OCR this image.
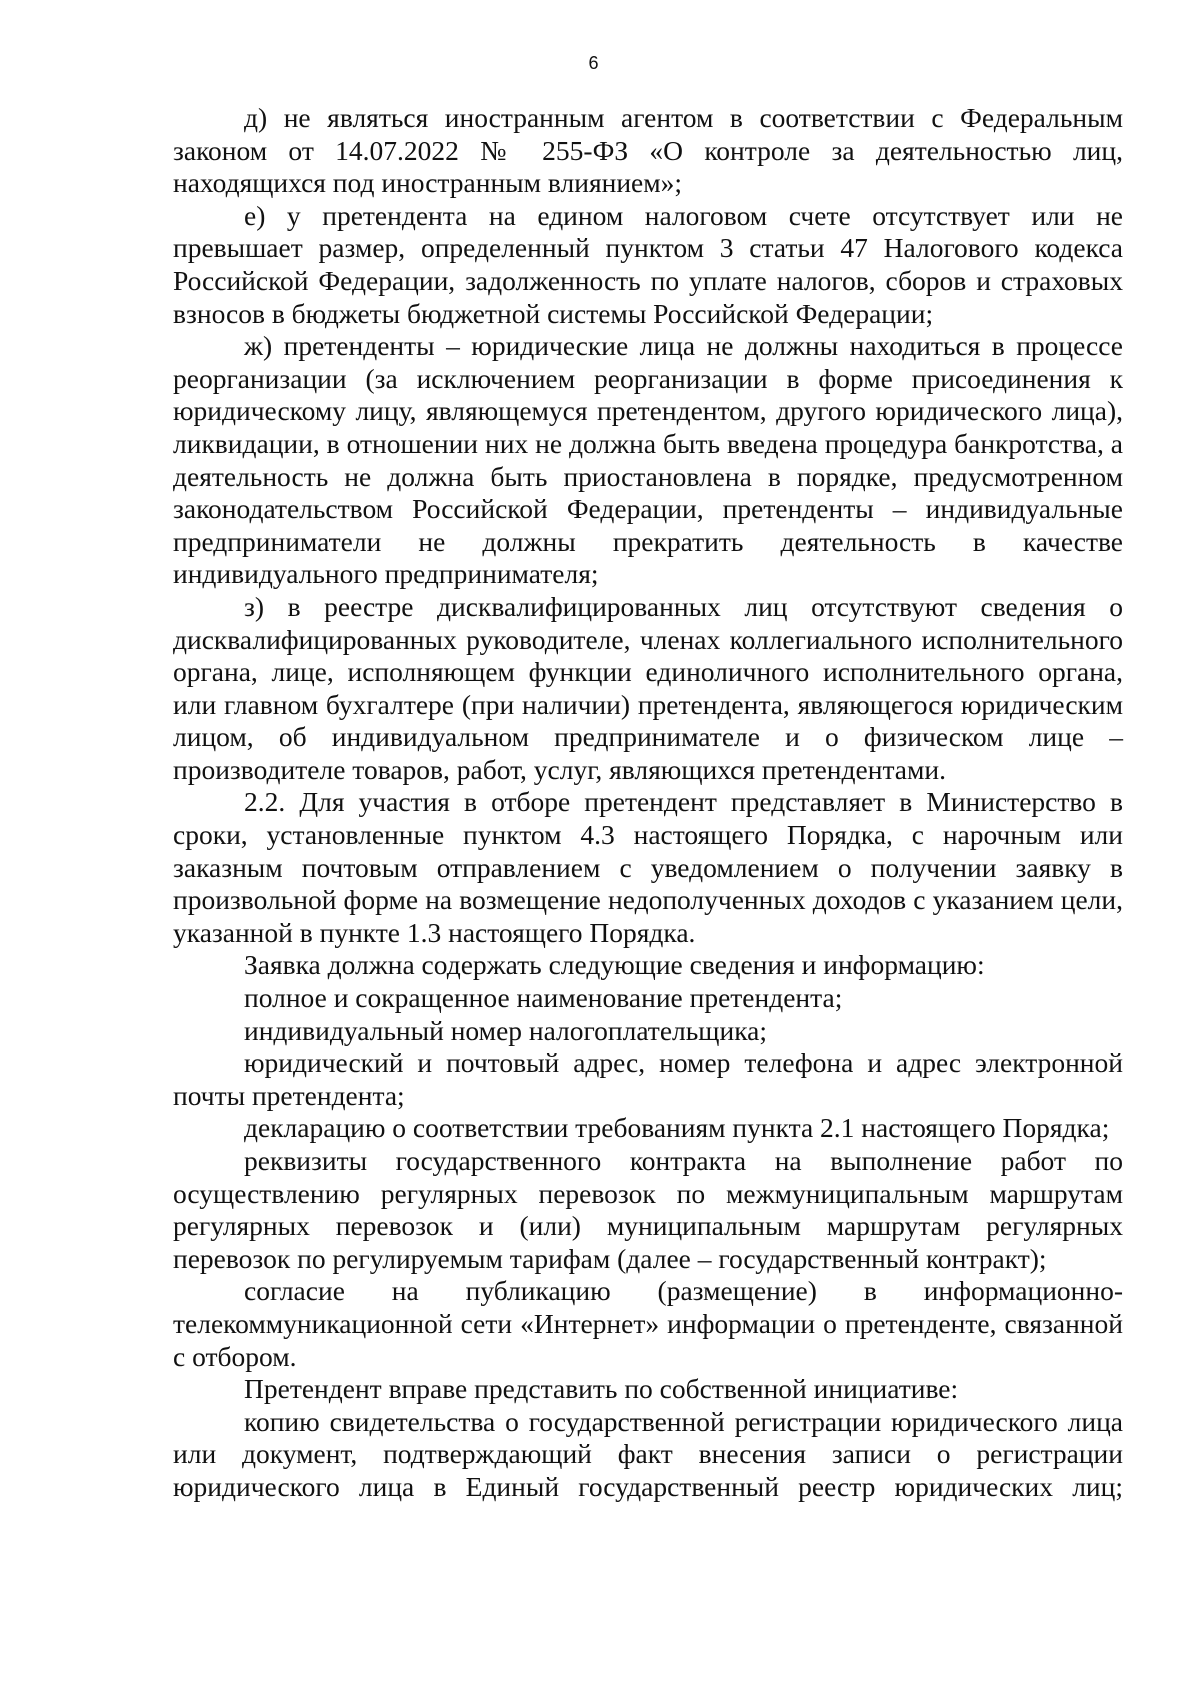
6

д) не являться иностранным агентом в соответствии с Федеральным законом от 14.07.2022 № 255-ФЗ «О контроле за деятельностью лиц, находящихся под иностранным влиянием»;

е) у претендента на едином налоговом счете отсутствует или не превышает размер, определенный пунктом 3 статьи 47 Налогового кодекса Российской Федерации, задолженность по уплате налогов, сборов и страховых взносов в бюджеты бюджетной системы Российской Федерации;

ж) претенденты – юридические лица не должны находиться в процессе реорганизации (за исключением реорганизации в форме присоединения к юридическому лицу, являющемуся претендентом, другого юридического лица), ликвидации, в отношении них не должна быть введена процедура банкротства, а деятельность не должна быть приостановлена в порядке, предусмотренном законодательством Российской Федерации, претенденты – индивидуальные предприниматели не должны прекратить деятельность в качестве индивидуального предпринимателя;

з) в реестре дисквалифицированных лиц отсутствуют сведения о дисквалифицированных руководителе, членах коллегиального исполнительного органа, лице, исполняющем функции единоличного исполнительного органа, или главном бухгалтере (при наличии) претендента, являющегося юридическим лицом, об индивидуальном предпринимателе и о физическом лице – производителе товаров, работ, услуг, являющихся претендентами.

2.2. Для участия в отборе претендент представляет в Министерство в сроки, установленные пунктом 4.3 настоящего Порядка, с нарочным или заказным почтовым отправлением с уведомлением о получении заявку в произвольной форме на возмещение недополученных доходов с указанием цели, указанной в пункте 1.3 настоящего Порядка.

Заявка должна содержать следующие сведения и информацию:

полное и сокращенное наименование претендента;

индивидуальный номер налогоплательщика;

юридический и почтовый адрес, номер телефона и адрес электронной почты претендента;

декларацию о соответствии требованиям пункта 2.1 настоящего Порядка;

реквизиты государственного контракта на выполнение работ по осуществлению регулярных перевозок по межмуниципальным маршрутам регулярных перевозок и (или) муниципальным маршрутам регулярных перевозок по регулируемым тарифам (далее – государственный контракт);

согласие на публикацию (размещение) в информационно-телекоммуникационной сети «Интернет» информации о претенденте, связанной с отбором.

Претендент вправе представить по собственной инициативе:

копию свидетельства о государственной регистрации юридического лица или документ, подтверждающий факт внесения записи о регистрации юридического лица в Единый государственный реестр юридических лиц;
